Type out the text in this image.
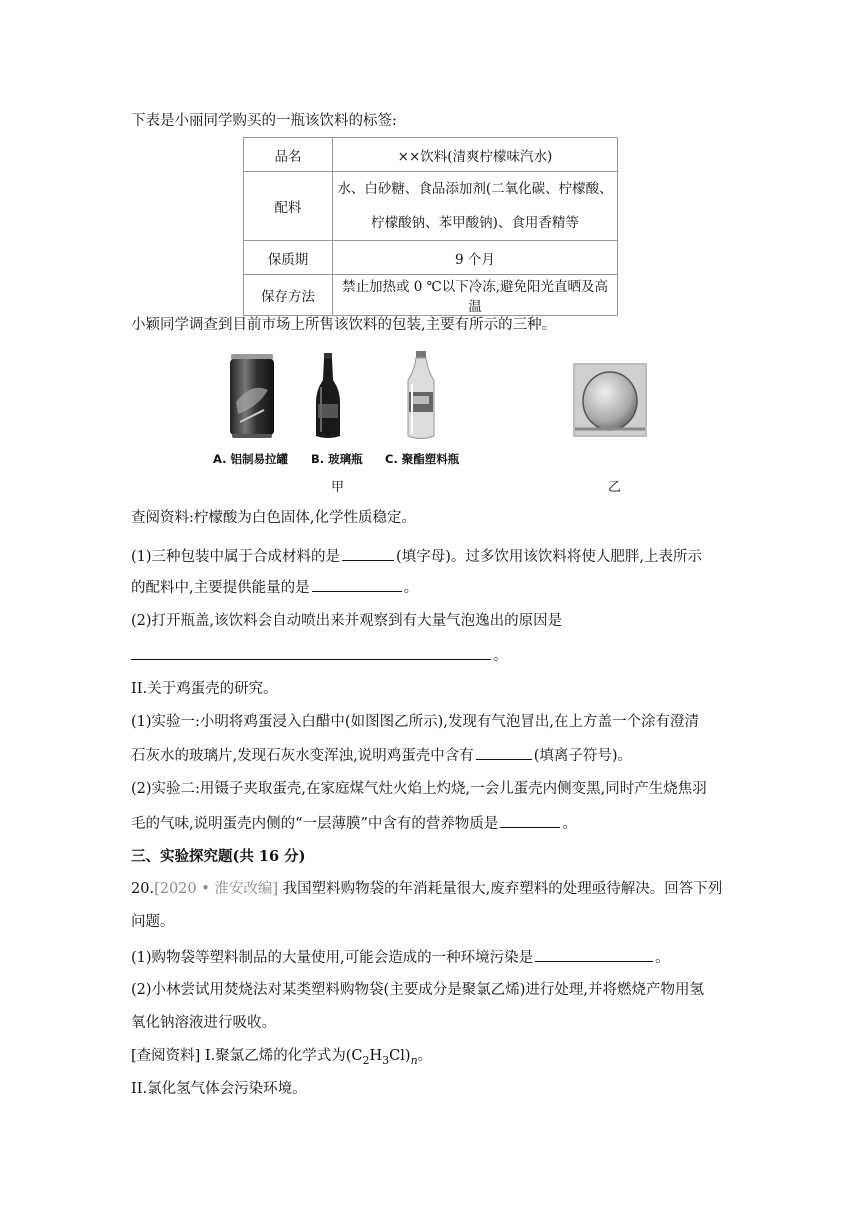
下表是小丽同学购买的一瓶该饮料的标签:
品名	××饮料(清爽柠檬味汽水)
配料	水、白砂糖、食品添加剂(二氧化碳、柠檬酸、
柠檬酸钠、苯甲酸钠)、食用香精等

保质期	9 个月
保存方法	禁止加热或 0 ℃以下冷冻,避免阳光直晒及高温
小颖同学调查到目前市场上所售该饮料的包装,主要有所示的三种。
A. 铝制易拉罐 B. 玻璃瓶 C. 聚酯塑料瓶
甲	乙
查阅资料:柠檬酸为白色固体,化学性质稳定。
(1)三种包装中属于合成材料的是	(填字母)。过多饮用该饮料将使人肥胖,上表所示
的配料中,主要提供能量的是	。
(2)打开瓶盖,该饮料会自动喷出来并观察到有大量气泡逸出的原因是
。
II.关于鸡蛋壳的研究。
(1)实验一:小明将鸡蛋浸入白醋中(如图图乙所示),发现有气泡冒出,在上方盖一个涂有澄清
石灰水的玻璃片,发现石灰水变浑浊,说明鸡蛋壳中含有	(填离子符号)。
(2)实验二:用镊子夹取蛋壳,在家庭煤气灶火焰上灼烧,一会儿蛋壳内侧变黑,同时产生烧焦羽
毛的气味,说明蛋壳内侧的“一层薄膜”中含有的营养物质是	。
三、实验探究题(共 16 分)
20.[2020 • 淮安改编] 我国塑料购物袋的年消耗量很大,废弃塑料的处理亟待解决。回答下列
问题。
(1)购物袋等塑料制品的大量使用,可能会造成的一种环境污染是	。
(2)小林尝试用焚烧法对某类塑料购物袋(主要成分是聚氯乙烯)进行处理,并将燃烧产物用氢
氧化钠溶液进行吸收。
[查阅资料] I.聚氯乙烯的化学式为$(C_2H_3Cl)_n$。
II.氯化氢气体会污染环境。
